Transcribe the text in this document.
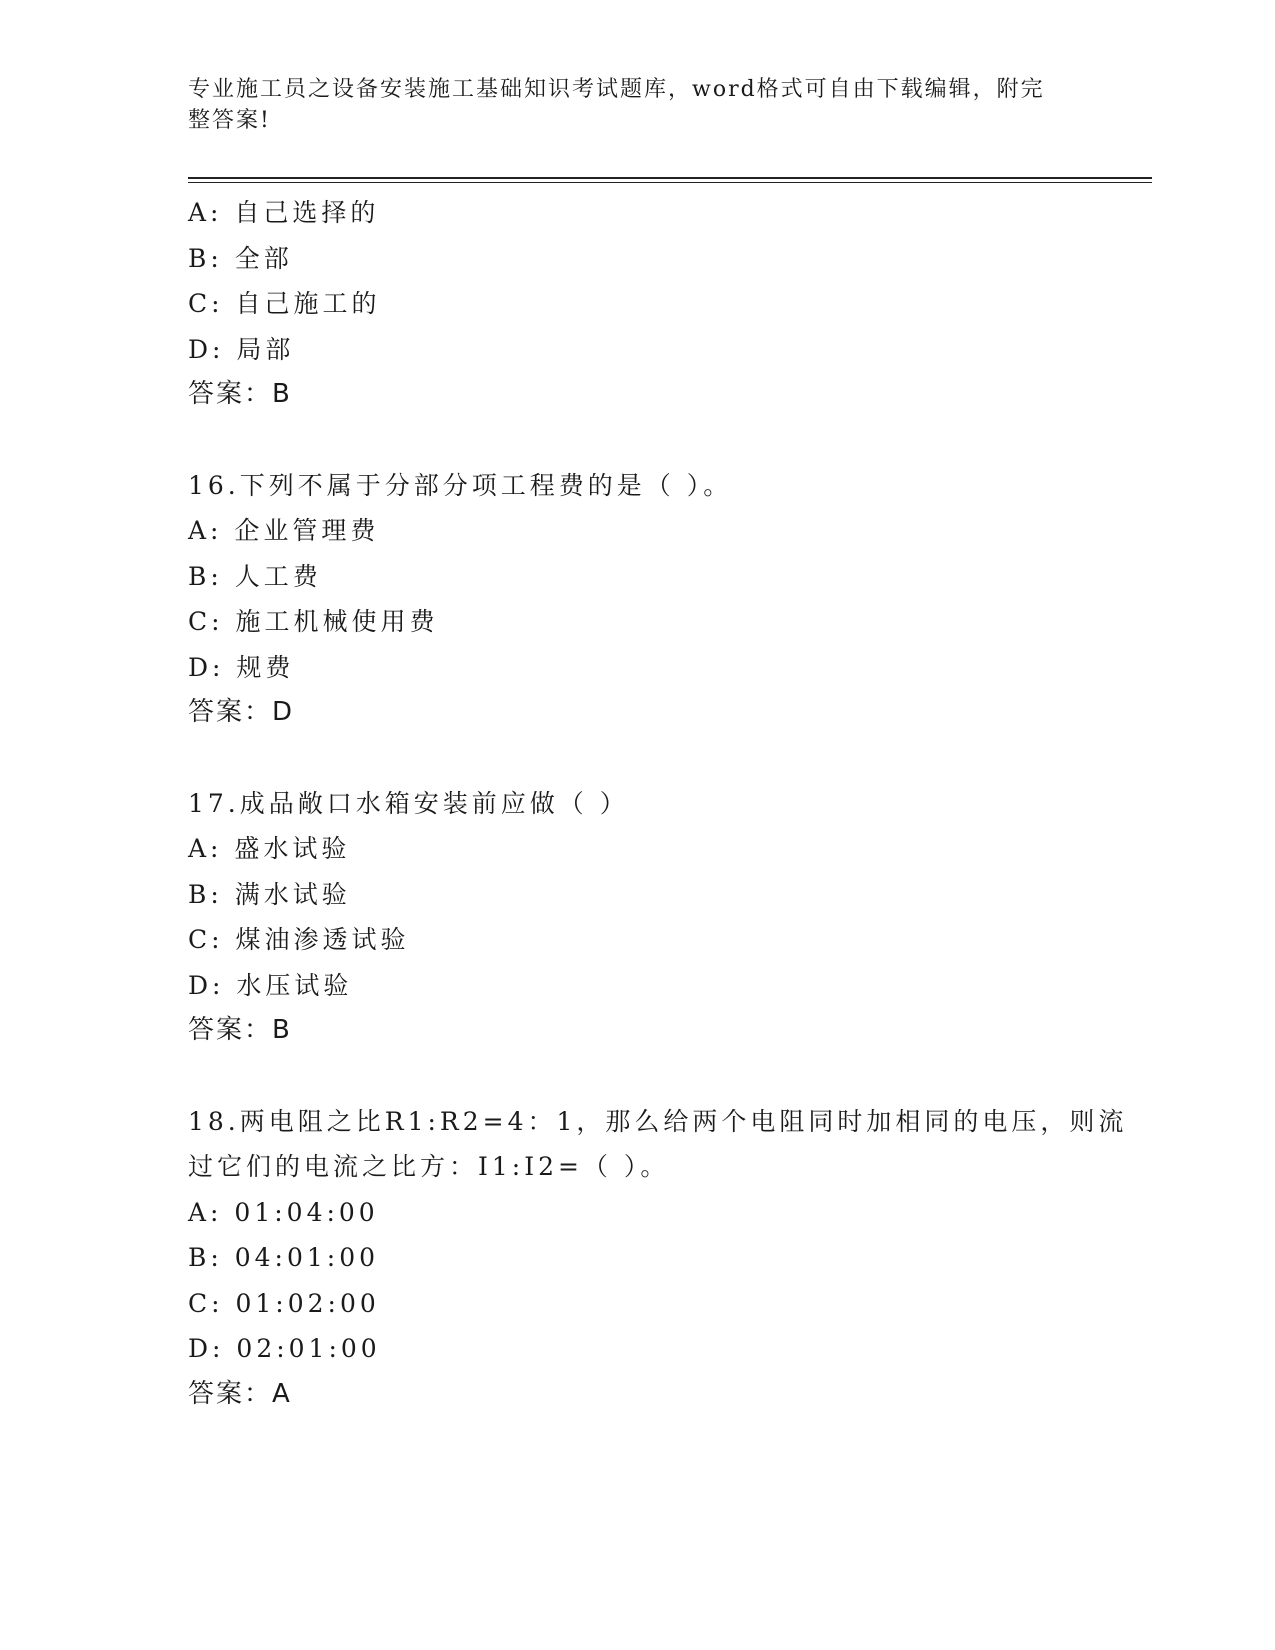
专业施工员之设备安装施工基础知识考试题库，word格式可自由下载编辑，附完整答案!
A: 自己选择的
B: 全部
C: 自己施工的
D: 局部
答案：B
16.下列不属于分部分项工程费的是（ ）。
A: 企业管理费
B: 人工费
C: 施工机械使用费
D: 规费
答案：D
17.成品敞口水箱安装前应做（ ）
A: 盛水试验
B: 满水试验
C: 煤油渗透试验
D: 水压试验
答案：B
18.两电阻之比R1:R2=4：1，那么给两个电阻同时加相同的电压，则流过它们的电流之比方：I1:I2=（ ）。
A: 01:04:00
B: 04:01:00
C: 01:02:00
D: 02:01:00
答案：A
